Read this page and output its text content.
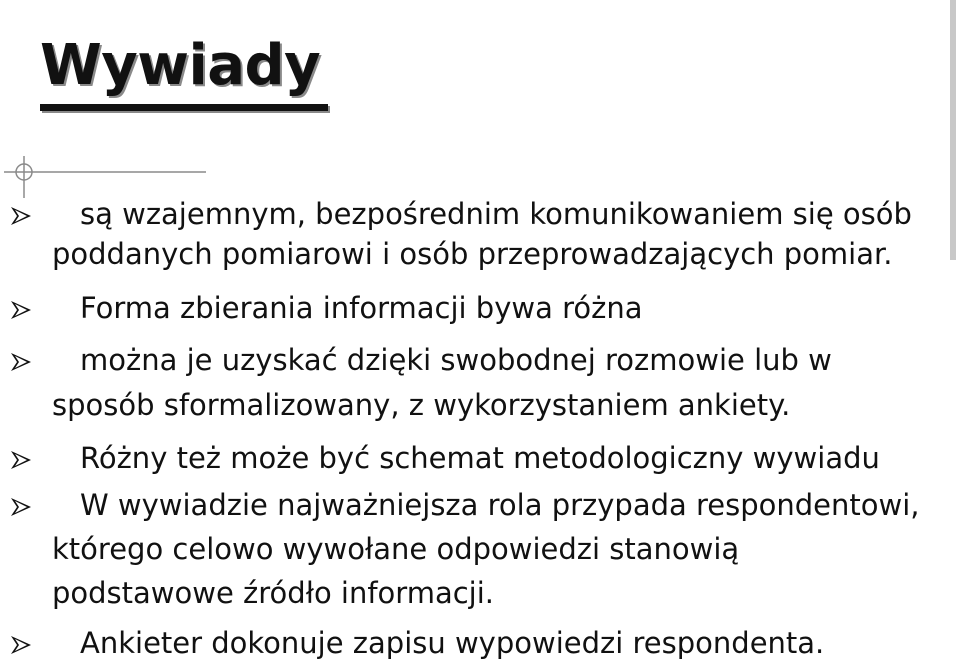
Wywiady
są wzajemnym, bezpośrednim komunikowaniem się osób
poddanych pomiarowi i osób przeprowadzających pomiar.
Forma zbierania informacji bywa różna
można je uzyskać dzięki swobodnej rozmowie lub w
sposób sformalizowany, z wykorzystaniem ankiety.
Różny też może być schemat metodologiczny wywiadu
W wywiadzie najważniejsza rola przypada respondentowi,
którego celowo wywołane odpowiedzi stanowią
podstawowe źródło informacji.
Ankieter dokonuje zapisu wypowiedzi respondenta.
